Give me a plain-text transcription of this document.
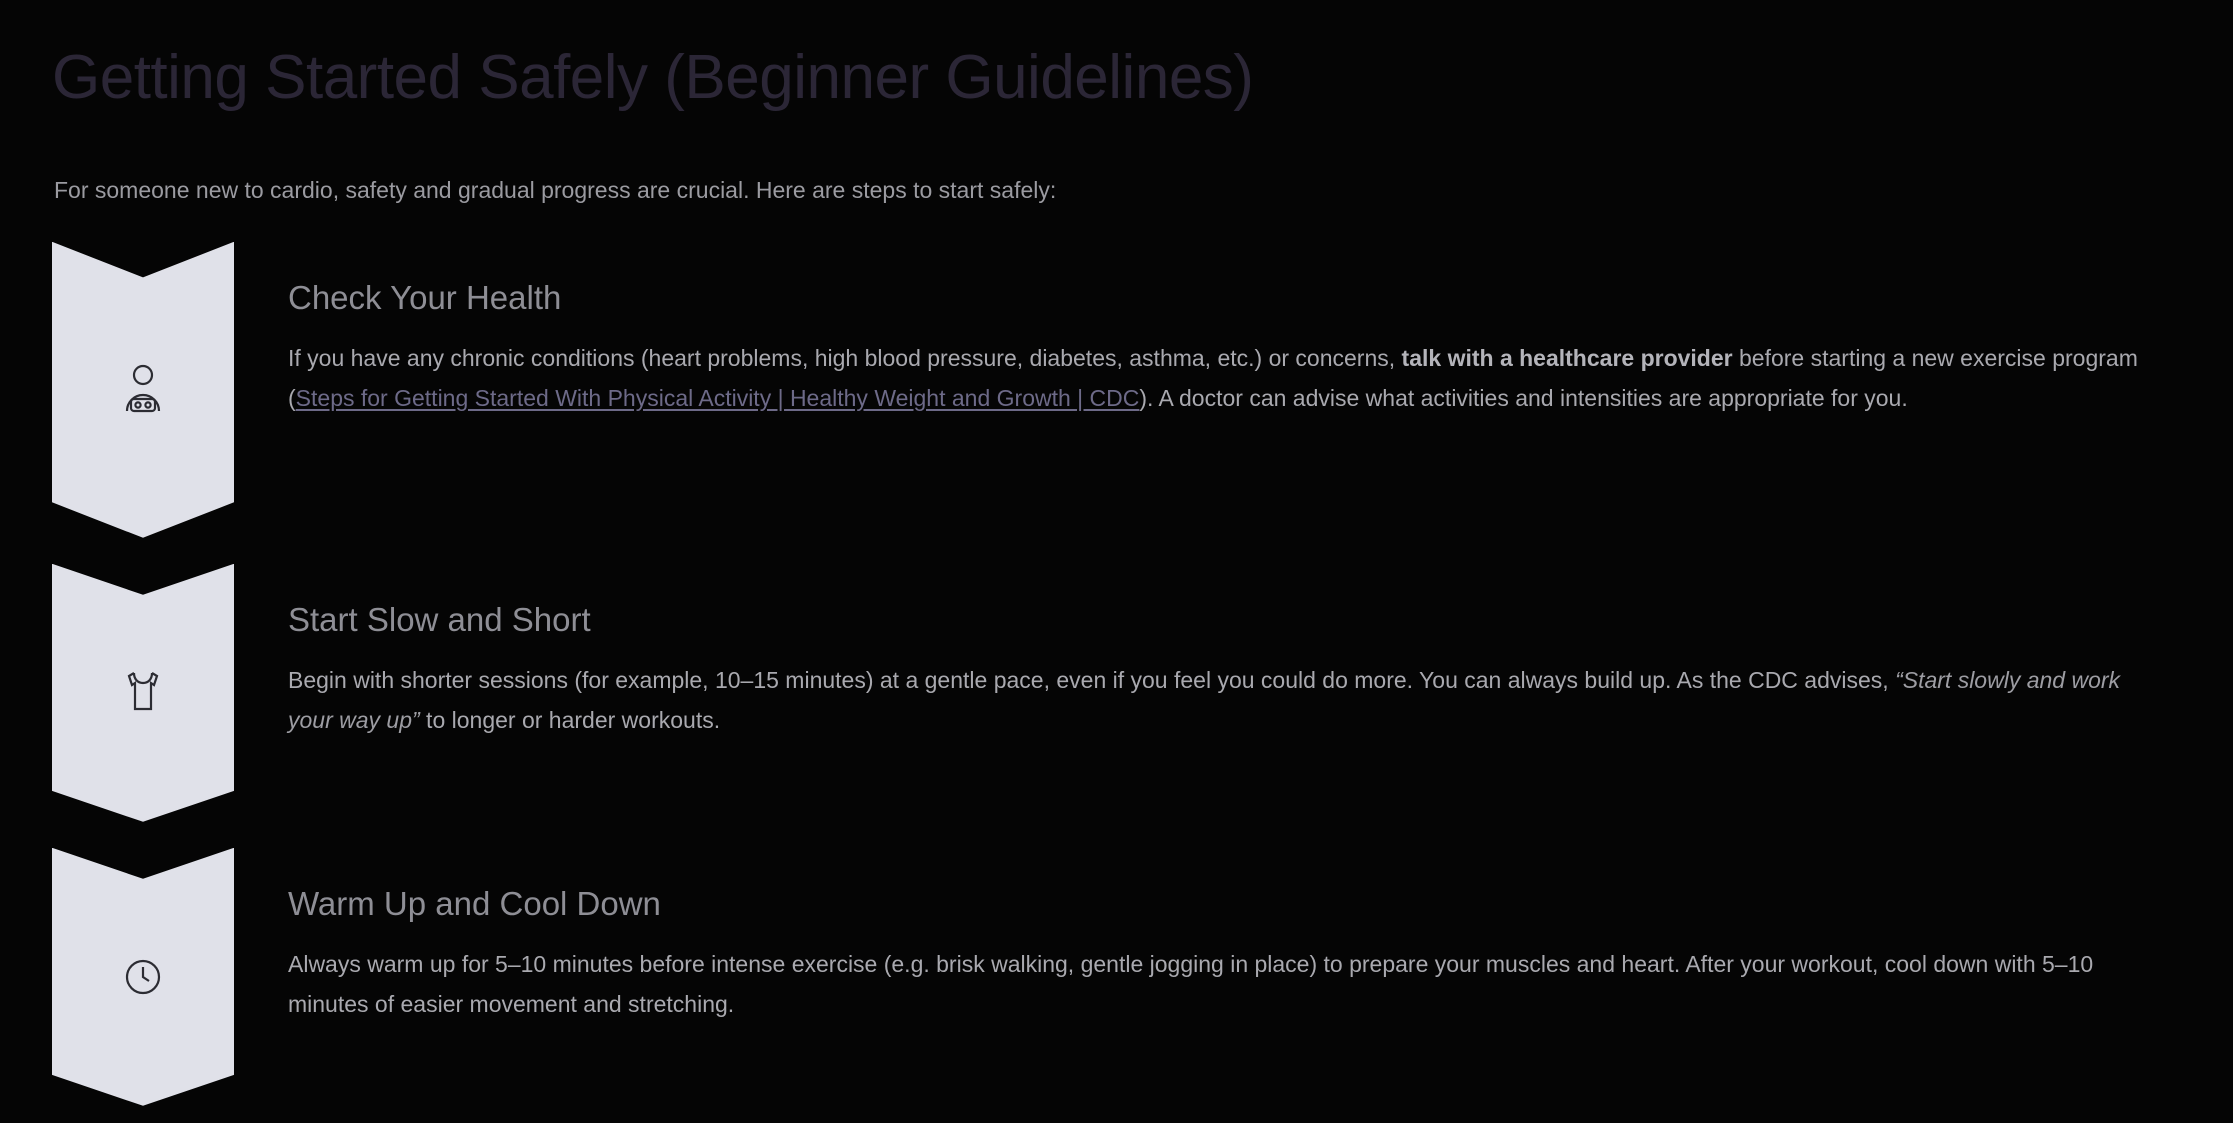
Getting Started Safely (Beginner Guidelines)

For someone new to cardio, safety and gradual progress are crucial. Here are steps to start safely:

Check Your Health

If you have any chronic conditions (heart problems, high blood pressure, diabetes, asthma, etc.) or concerns, talk with a healthcare provider before starting a new exercise program (Steps for Getting Started With Physical Activity | Healthy Weight and Growth | CDC). A doctor can advise what activities and intensities are appropriate for you.

Start Slow and Short

Begin with shorter sessions (for example, 10–15 minutes) at a gentle pace, even if you feel you could do more. You can always build up. As the CDC advises, “Start slowly and work your way up” to longer or harder workouts.

Warm Up and Cool Down

Always warm up for 5–10 minutes before intense exercise (e.g. brisk walking, gentle jogging in place) to prepare your muscles and heart. After your workout, cool down with 5–10 minutes of easier movement and stretching.
